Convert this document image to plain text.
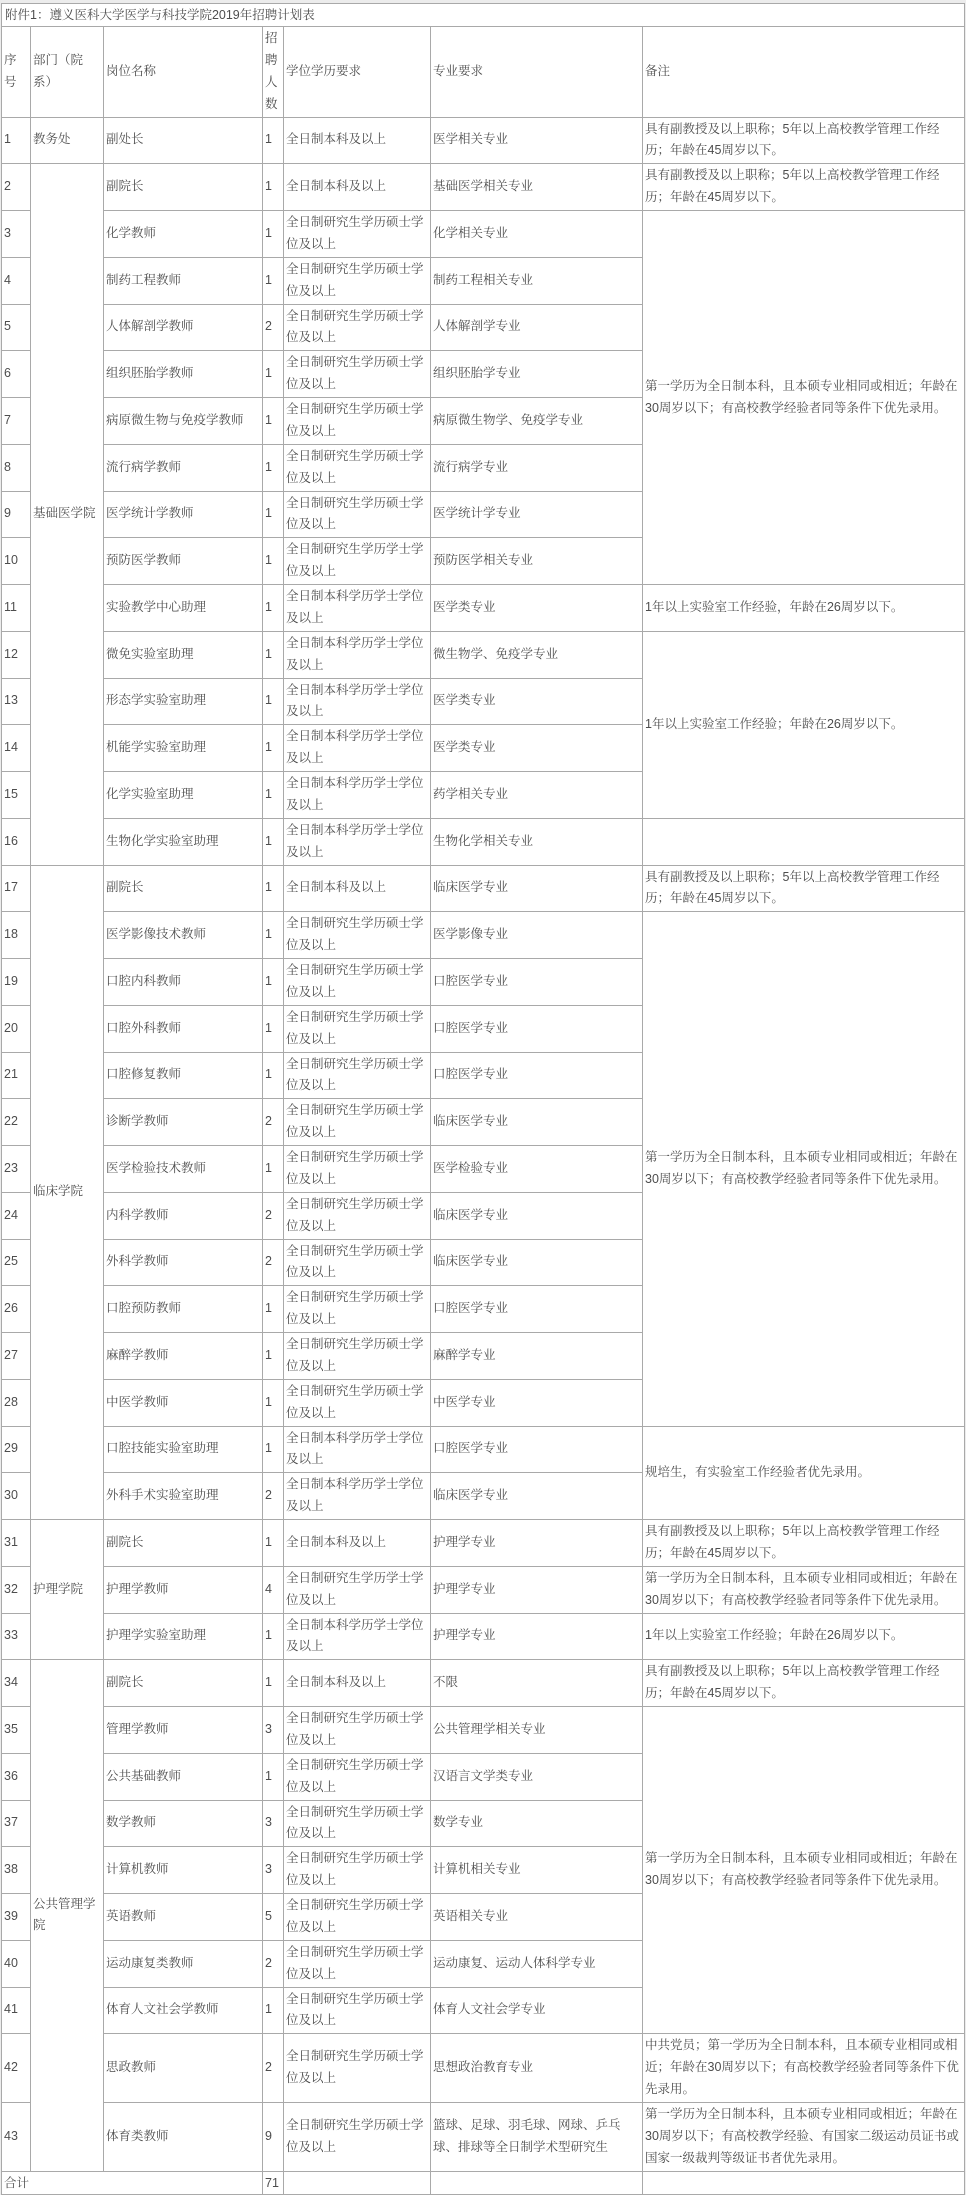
附件1：遵义医科大学医学与科技学院2019年招聘计划表						
序号	部门（院系）	岗位名称	招聘人数	学位学历要求	专业要求	备注
1	教务处	副处长	1	全日制本科及以上	医学相关专业	具有副教授及以上职称；5年以上高校教学管理工作经历；年龄在45周岁以下。
2	基础医学院	副院长	1	全日制本科及以上	基础医学相关专业	具有副教授及以上职称；5年以上高校教学管理工作经历；年龄在45周岁以下。
3		化学教师	1	全日制研究生学历硕士学位及以上	化学相关专业	第一学历为全日制本科，且本硕专业相同或相近；年龄在30周岁以下；有高校教学经验者同等条件下优先录用。
4		制药工程教师	1	全日制研究生学历硕士学位及以上	制药工程相关专业	
5		人体解剖学教师	2	全日制研究生学历硕士学位及以上	人体解剖学专业	
6		组织胚胎学教师	1	全日制研究生学历硕士学位及以上	组织胚胎学专业	
7		病原微生物与免疫学教师	1	全日制研究生学历硕士学位及以上	病原微生物学、免疫学专业	
8		流行病学教师	1	全日制研究生学历硕士学位及以上	流行病学专业	
9		医学统计学教师	1	全日制研究生学历硕士学位及以上	医学统计学专业	
10		预防医学教师	1	全日制研究生学历学士学位及以上	预防医学相关专业	
11		实验教学中心助理	1	全日制本科学历学士学位及以上	医学类专业	1年以上实验室工作经验，年龄在26周岁以下。
12		微免实验室助理	1	全日制本科学历学士学位及以上	微生物学、免疫学专业	1年以上实验室工作经验；年龄在26周岁以下。
13		形态学实验室助理	1	全日制本科学历学士学位及以上	医学类专业	
14		机能学实验室助理	1	全日制本科学历学士学位及以上	医学类专业	
15		化学实验室助理	1	全日制本科学历学士学位及以上	药学相关专业	
16		生物化学实验室助理	1	全日制本科学历学士学位及以上	生物化学相关专业	
17	临床学院	副院长	1	全日制本科及以上	临床医学专业	具有副教授及以上职称；5年以上高校教学管理工作经历；年龄在45周岁以下。
18		医学影像技术教师	1	全日制研究生学历硕士学位及以上	医学影像专业	第一学历为全日制本科，且本硕专业相同或相近；年龄在30周岁以下；有高校教学经验者同等条件下优先录用。
19		口腔内科教师	1	全日制研究生学历硕士学位及以上	口腔医学专业	
20		口腔外科教师	1	全日制研究生学历硕士学位及以上	口腔医学专业	
21		口腔修复教师	1	全日制研究生学历硕士学位及以上	口腔医学专业	
22		诊断学教师	2	全日制研究生学历硕士学位及以上	临床医学专业	
23		医学检验技术教师	1	全日制研究生学历硕士学位及以上	医学检验专业	
24		内科学教师	2	全日制研究生学历硕士学位及以上	临床医学专业	
25		外科学教师	2	全日制研究生学历硕士学位及以上	临床医学专业	
26		口腔预防教师	1	全日制研究生学历硕士学位及以上	口腔医学专业	
27		麻醉学教师	1	全日制研究生学历硕士学位及以上	麻醉学专业	
28		中医学教师	1	全日制研究生学历硕士学位及以上	中医学专业	
29		口腔技能实验室助理	1	全日制本科学历学士学位及以上	口腔医学专业	规培生，有实验室工作经验者优先录用。
30		外科手术实验室助理	2	全日制本科学历学士学位及以上	临床医学专业	
31	护理学院	副院长	1	全日制本科及以上	护理学专业	具有副教授及以上职称；5年以上高校教学管理工作经历；年龄在45周岁以下。
32		护理学教师	4	全日制研究生学历学士学位及以上	护理学专业	第一学历为全日制本科，且本硕专业相同或相近；年龄在30周岁以下；有高校教学经验者同等条件下优先录用。
33		护理学实验室助理	1	全日制本科学历学士学位及以上	护理学专业	1年以上实验室工作经验；年龄在26周岁以下。
34	公共管理学院	副院长	1	全日制本科及以上	不限	具有副教授及以上职称；5年以上高校教学管理工作经历；年龄在45周岁以下。
35		管理学教师	3	全日制研究生学历硕士学位及以上	公共管理学相关专业	第一学历为全日制本科，且本硕专业相同或相近；年龄在30周岁以下；有高校教学经验者同等条件下优先录用。
36		公共基础教师	1	全日制研究生学历硕士学位及以上	汉语言文学类专业	
37		数学教师	3	全日制研究生学历硕士学位及以上	数学专业	
38		计算机教师	3	全日制研究生学历硕士学位及以上	计算机相关专业	
39		英语教师	5	全日制研究生学历硕士学位及以上	英语相关专业	
40		运动康复类教师	2	全日制研究生学历硕士学位及以上	运动康复、运动人体科学专业	
41		体育人文社会学教师	1	全日制研究生学历硕士学位及以上	体育人文社会学专业	
42		思政教师	2	全日制研究生学历硕士学位及以上	思想政治教育专业	中共党员；第一学历为全日制本科，且本硕专业相同或相近；年龄在30周岁以下；有高校教学经验者同等条件下优先录用。
43		体育类教师	9	全日制研究生学历硕士学位及以上	篮球、足球、羽毛球、网球、乒乓球、排球等全日制学术型研究生	第一学历为全日制本科，且本硕专业相同或相近；年龄在30周岁以下；有高校教学经验、有国家二级运动员证书或国家一级裁判等级证书者优先录用。
合计			71			
